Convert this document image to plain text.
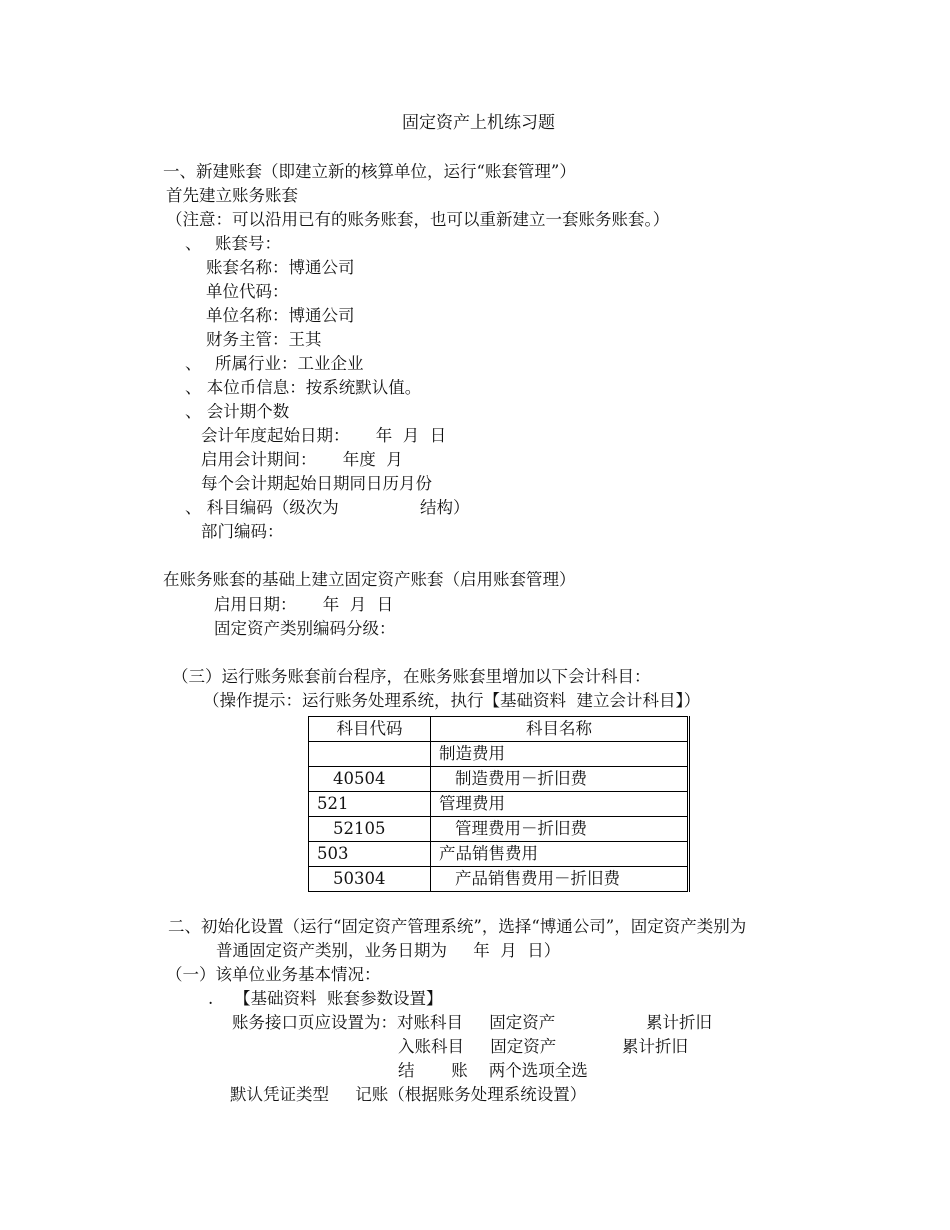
固定资产上机练习题
一、新建账套（即建立新的核算单位，运行“账套管理”）
首先建立账务账套
（注意：可以沿用已有的账务账套，也可以重新建立一套账务账套。）
、 账套号：
账套名称：博通公司
单位代码：
单位名称：博通公司
财务主管：王其
、 所属行业：工业企业
、 本位币信息：按系统默认值。
、 会计期个数
会计年度起始日期：     年  月  日
启用会计期间：     年度  月
每个会计期起始日期同日历月份
、 科目编码（级次为	结构）
部门编码：
在账务账套的基础上建立固定资产账套（启用账套管理）
启用日期：     年  月  日
固定资产类别编码分级：
（三）运行账务账套前台程序，在账务账套里增加以下会计科目：
（操作提示：运行账务处理系统，执行【基础资料  建立会计科目】）
科目代码	科目名称
	制造费用
40504	制造费用－折旧费
521	管理费用
52105	管理费用－折旧费
503	产品销售费用
50304	产品销售费用－折旧费
二、初始化设置（运行“固定资产管理系统”，选择“博通公司”，固定资产类别为
普通固定资产类别，业务日期为     年  月  日）
（一）该单位业务基本情况：
. 【基础资料  账套参数设置】
账务接口页应设置为：对账科目     固定资产	累计折旧
入账科目     固定资产	累计折旧
结       账    两个选项全选
默认凭证类型     记账（根据账务处理系统设置）
